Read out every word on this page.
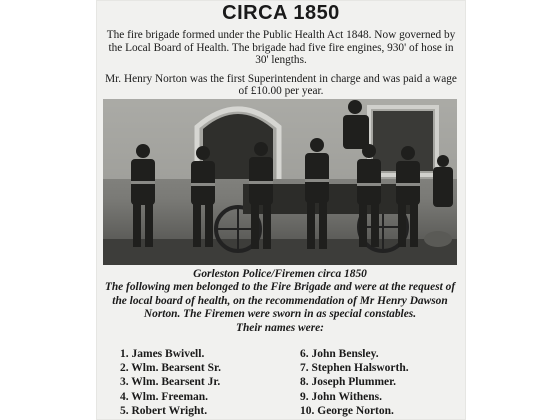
CIRCA 1850

The fire brigade formed under the Public Health Act 1848. Now governed by the Local Board of Health. The brigade had five fire engines, 930' of hose in 30' lengths.

Mr. Henry Norton was the first Superintendent in charge and was paid a wage of £10.00 per year.

Gorleston Police/Firemen circa 1850
The following men belonged to the Fire Brigade and were at the request of the local board of health, on the recommendation of Mr Henry Dawson Norton. The Firemen were sworn in as special constables.
Their names were:
1. James Bwivell.
2. Wlm. Bearsent Sr.
3. Wlm. Bearsent Jr.
4. Wlm. Freeman.
5. Robert Wright.
6. John Bensley.
7. Stephen Halsworth.
8. Joseph Plummer.
9. John Withens.
10. George Norton.
